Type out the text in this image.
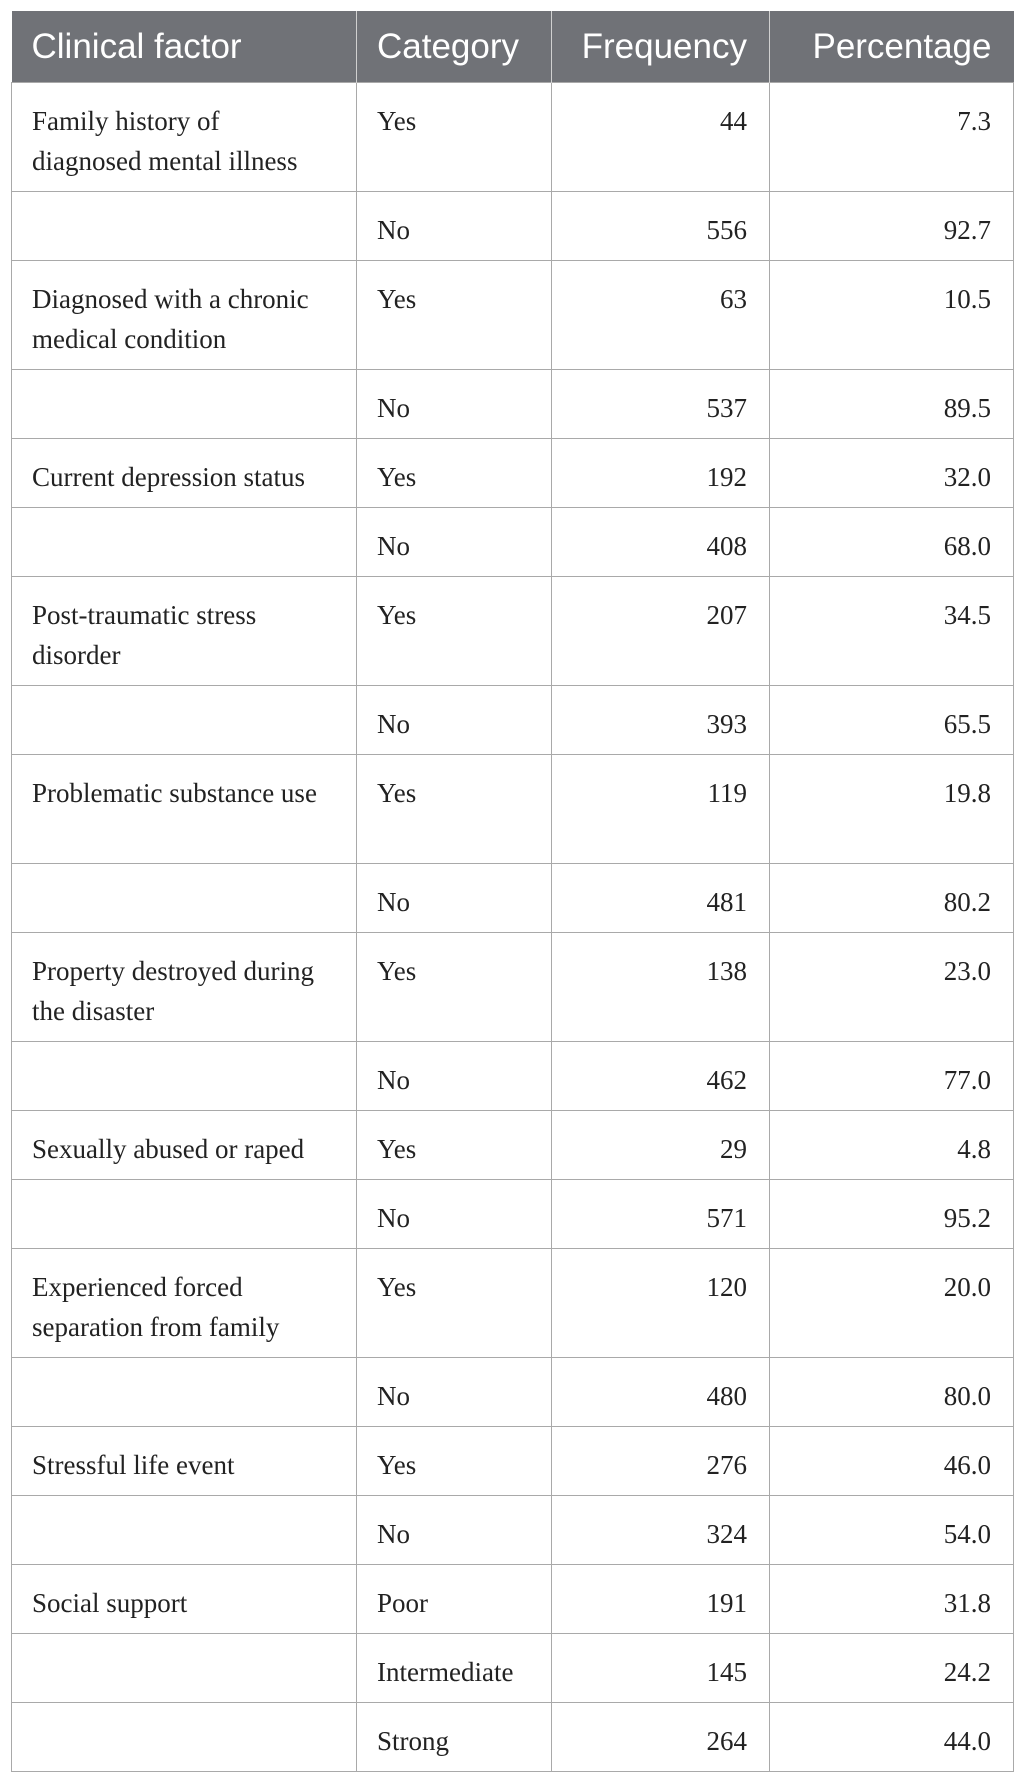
Clinical factor	Category	Frequency	Percentage
Family history of diagnosed mental illness	Yes	44	7.3
	No	556	92.7
Diagnosed with a chronic medical condition	Yes	63	10.5
	No	537	89.5
Current depression status	Yes	192	32.0
	No	408	68.0
Post-traumatic stress disorder	Yes	207	34.5
	No	393	65.5
Problematic substance use	Yes	119	19.8
	No	481	80.2
Property destroyed during the disaster	Yes	138	23.0
	No	462	77.0
Sexually abused or raped	Yes	29	4.8
	No	571	95.2
Experienced forced separation from family	Yes	120	20.0
	No	480	80.0
Stressful life event	Yes	276	46.0
	No	324	54.0
Social support	Poor	191	31.8
	Intermediate	145	24.2
	Strong	264	44.0
